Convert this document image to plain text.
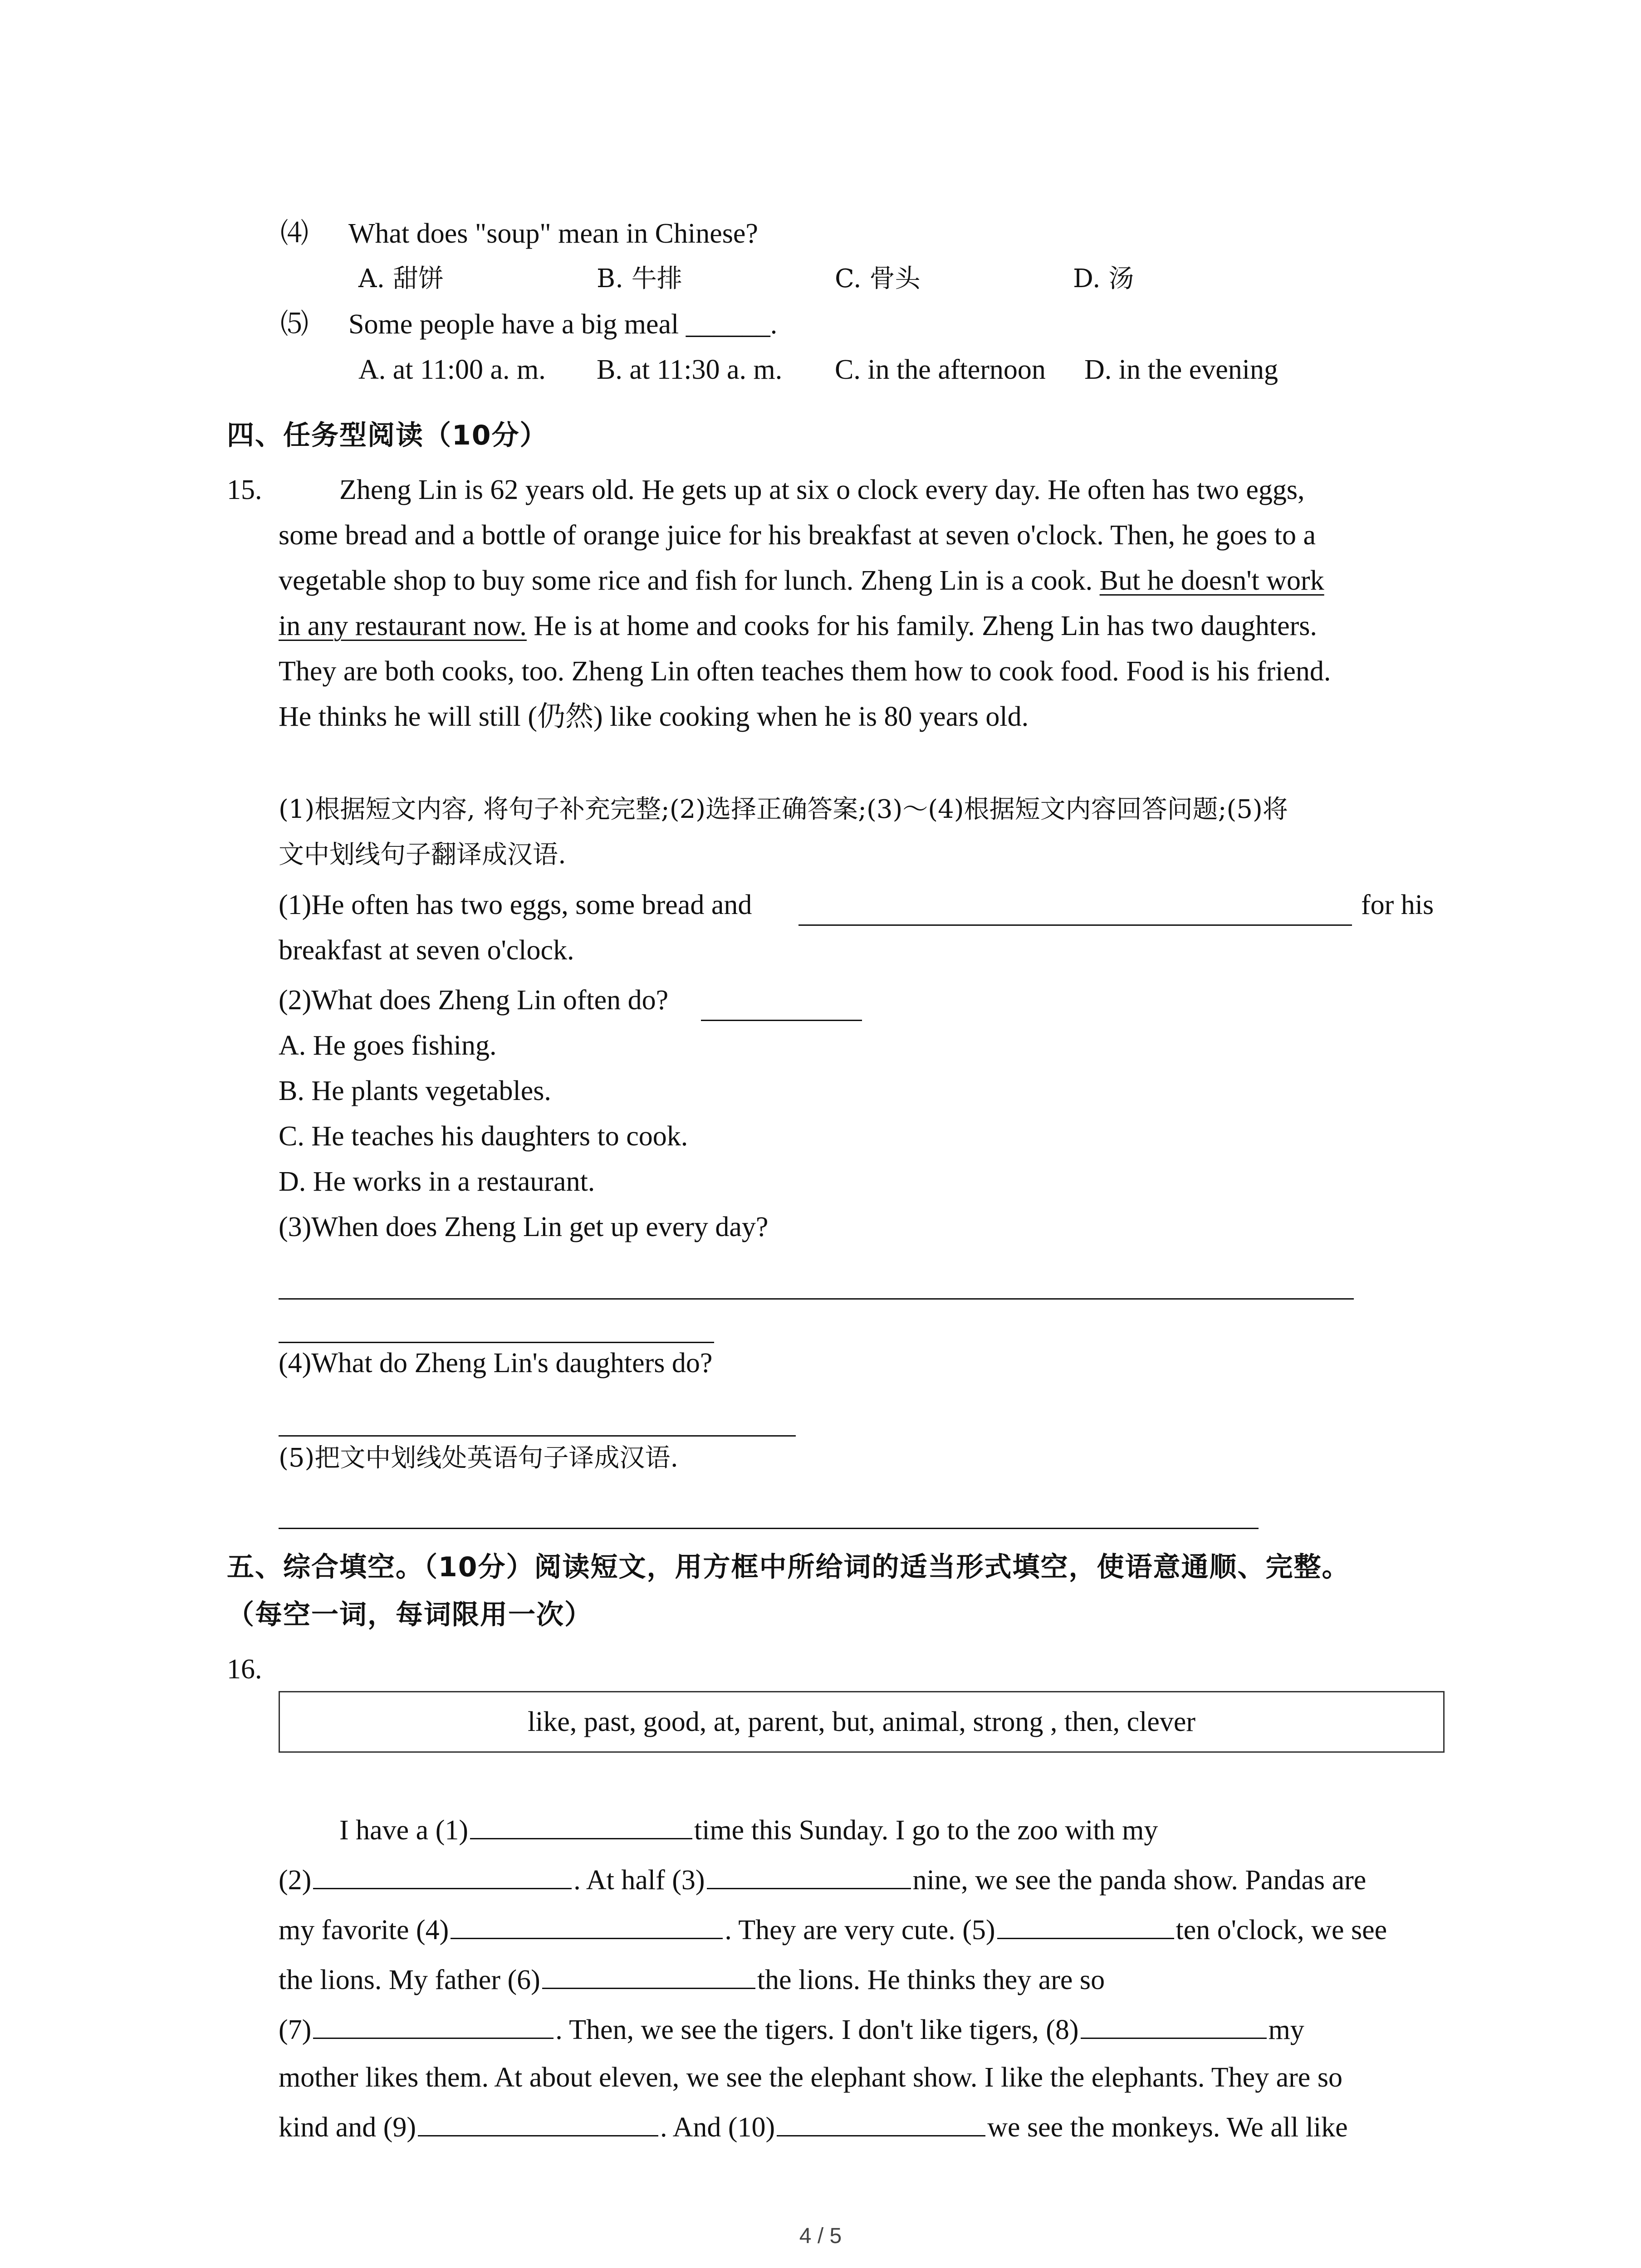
⑷ What does "soup" mean in Chinese?
A. 甜饼	B. 牛排	C. 骨头	D. 汤
⑸ Some people have a big meal ______.
A. at 11:00 a. m. B. at 11:30 a. m. C. in the afternoon D. in the evening
四、任务型阅读（10分）
15.	Zheng Lin is 62 years old. He gets up at six o clock every day. He often has two eggs,
some bread and a bottle of orange juice for his breakfast at seven o'clock. Then, he goes to a
vegetable shop to buy some rice and fish for lunch. Zheng Lin is a cook. But he doesn't work
in any restaurant now. He is at home and cooks for his family. Zheng Lin has two daughters.
They are both cooks, too. Zheng Lin often teaches them how to cook food. Food is his friend.
He thinks he will still (仍然) like cooking when he is 80 years old.
(1)根据短文内容, 将句子补充完整;(2)选择正确答案;(3)～(4)根据短文内容回答问题;(5)将
文中划线句子翻译成汉语.
(1)He often has two eggs, some bread and	for his
breakfast at seven o'clock.
(2)What does Zheng Lin often do?
A. He goes fishing.
B. He plants vegetables.
C. He teaches his daughters to cook.
D. He works in a restaurant.
(3)When does Zheng Lin get up every day?
(4)What do Zheng Lin's daughters do?
(5)把文中划线处英语句子译成汉语.
五、综合填空。（10分）阅读短文，用方框中所给词的适当形式填空，使语意通顺、完整。
（每空一词，每词限用一次）
16.
like, past, good, at, parent, but, animal, strong , then, clever
I have a (1)	time this Sunday. I go to the zoo with my
(2)	. At half (3)	nine, we see the panda show. Pandas are
my favorite (4)	. They are very cute. (5)	ten o'clock, we see
the lions. My father (6)	the lions. He thinks they are so
(7)	. Then, we see the tigers. I don't like tigers, (8)	my
mother likes them. At about eleven, we see the elephant show. I like the elephants. They are so
kind and (9)	. And (10)	we see the monkeys. We all like
4 / 5
